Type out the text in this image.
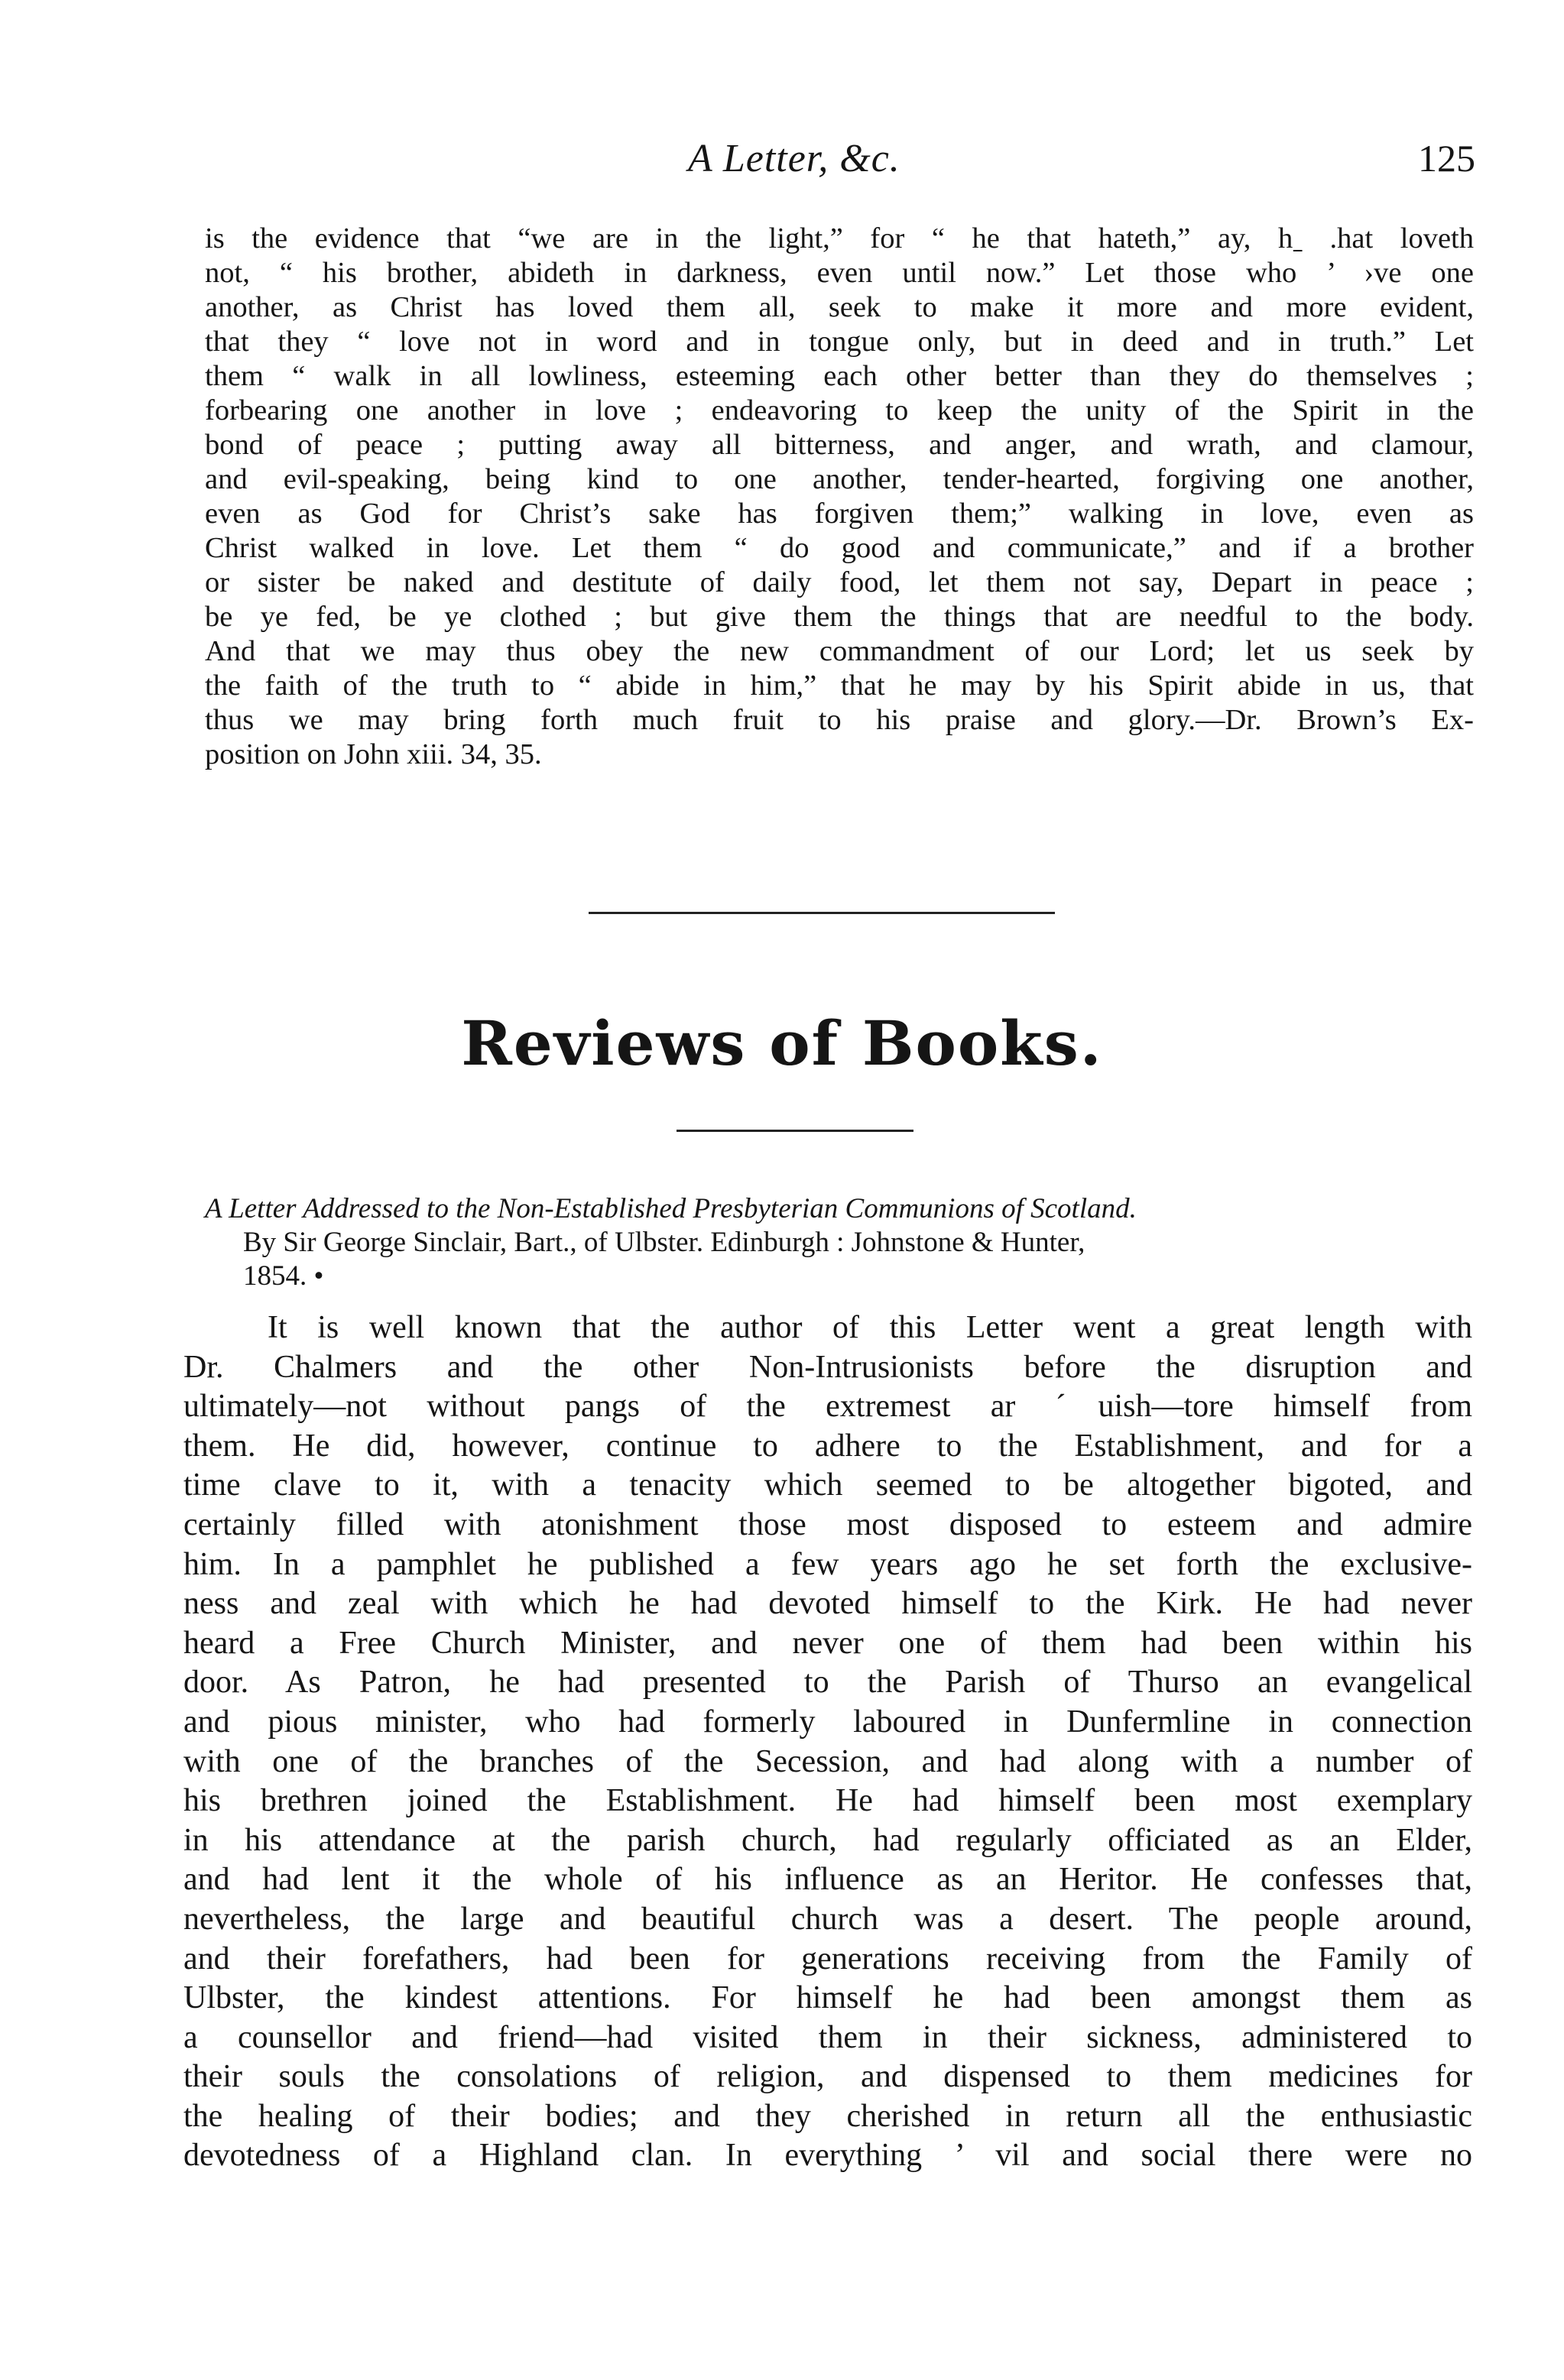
A Letter, &c.	125
is the evidence that “we are in the light,” for “ he that hateth,” ay, hˍ .hat loveth
not, “ his brother, abideth in darkness, even until now.” Let those who ’ ›ve one
another, as Christ has loved them all, seek to make it more and more evident,
that they “ love not in word and in tongue only, but in deed and in truth.” Let
them “ walk in all lowliness, esteeming each other better than they do themselves ;
forbearing one another in love ; endeavoring to keep the unity of the Spirit in the
bond of peace ; putting away all bitterness, and anger, and wrath, and clamour,
and evil-speaking, being kind to one another, tender-hearted, forgiving one another,
even as God for Christ’s sake has forgiven them;” walking in love, even as
Christ walked in love. Let them “ do good and communicate,” and if a brother
or sister be naked and destitute of daily food, let them not say, Depart in peace ;
be ye fed, be ye clothed ; but give them the things that are needful to the body.
And that we may thus obey the new commandment of our Lord; let us seek by
the faith of the truth to “ abide in him,” that he may by his Spirit abide in us, that
thus we may bring forth much fruit to his praise and glory.—Dr. Brown’s Ex-
position on John xiii. 34, 35.
Reviews of Books.
A Letter Addressed to the Non-Established Presbyterian Communions of Scotland.
By Sir George Sinclair, Bart., of Ulbster. Edinburgh : Johnstone & Hunter,
1854. •
It is well known that the author of this Letter went a great length with
Dr. Chalmers and the other Non-Intrusionists before the disruption and
ultimately—not without pangs of the extremest ar ˊuish—tore himself from
them. He did, however, continue to adhere to the Establishment, and for a
time clave to it, with a tenacity which seemed to be altogether bigoted, and
certainly filled with atonishment those most disposed to esteem and admire
him. In a pamphlet he published a few years ago he set forth the exclusive-
ness and zeal with which he had devoted himself to the Kirk. He had never
heard a Free Church Minister, and never one of them had been within his
door. As Patron, he had presented to the Parish of Thurso an evangelical
and pious minister, who had formerly laboured in Dunfermline in connection
with one of the branches of the Secession, and had along with a number of
his brethren joined the Establishment. He had himself been most exemplary
in his attendance at the parish church, had regularly officiated as an Elder,
and had lent it the whole of his influence as an Heritor. He confesses that,
nevertheless, the large and beautiful church was a desert. The people around,
and their forefathers, had been for generations receiving from the Family of
Ulbster, the kindest attentions. For himself he had been amongst them as
a counsellor and friend—had visited them in their sickness, administered to
their souls the consolations of religion, and dispensed to them medicines for
the healing of their bodies; and they cherished in return all the enthusiastic
devotedness of a Highland clan. In everything ’ vil and social there were no
